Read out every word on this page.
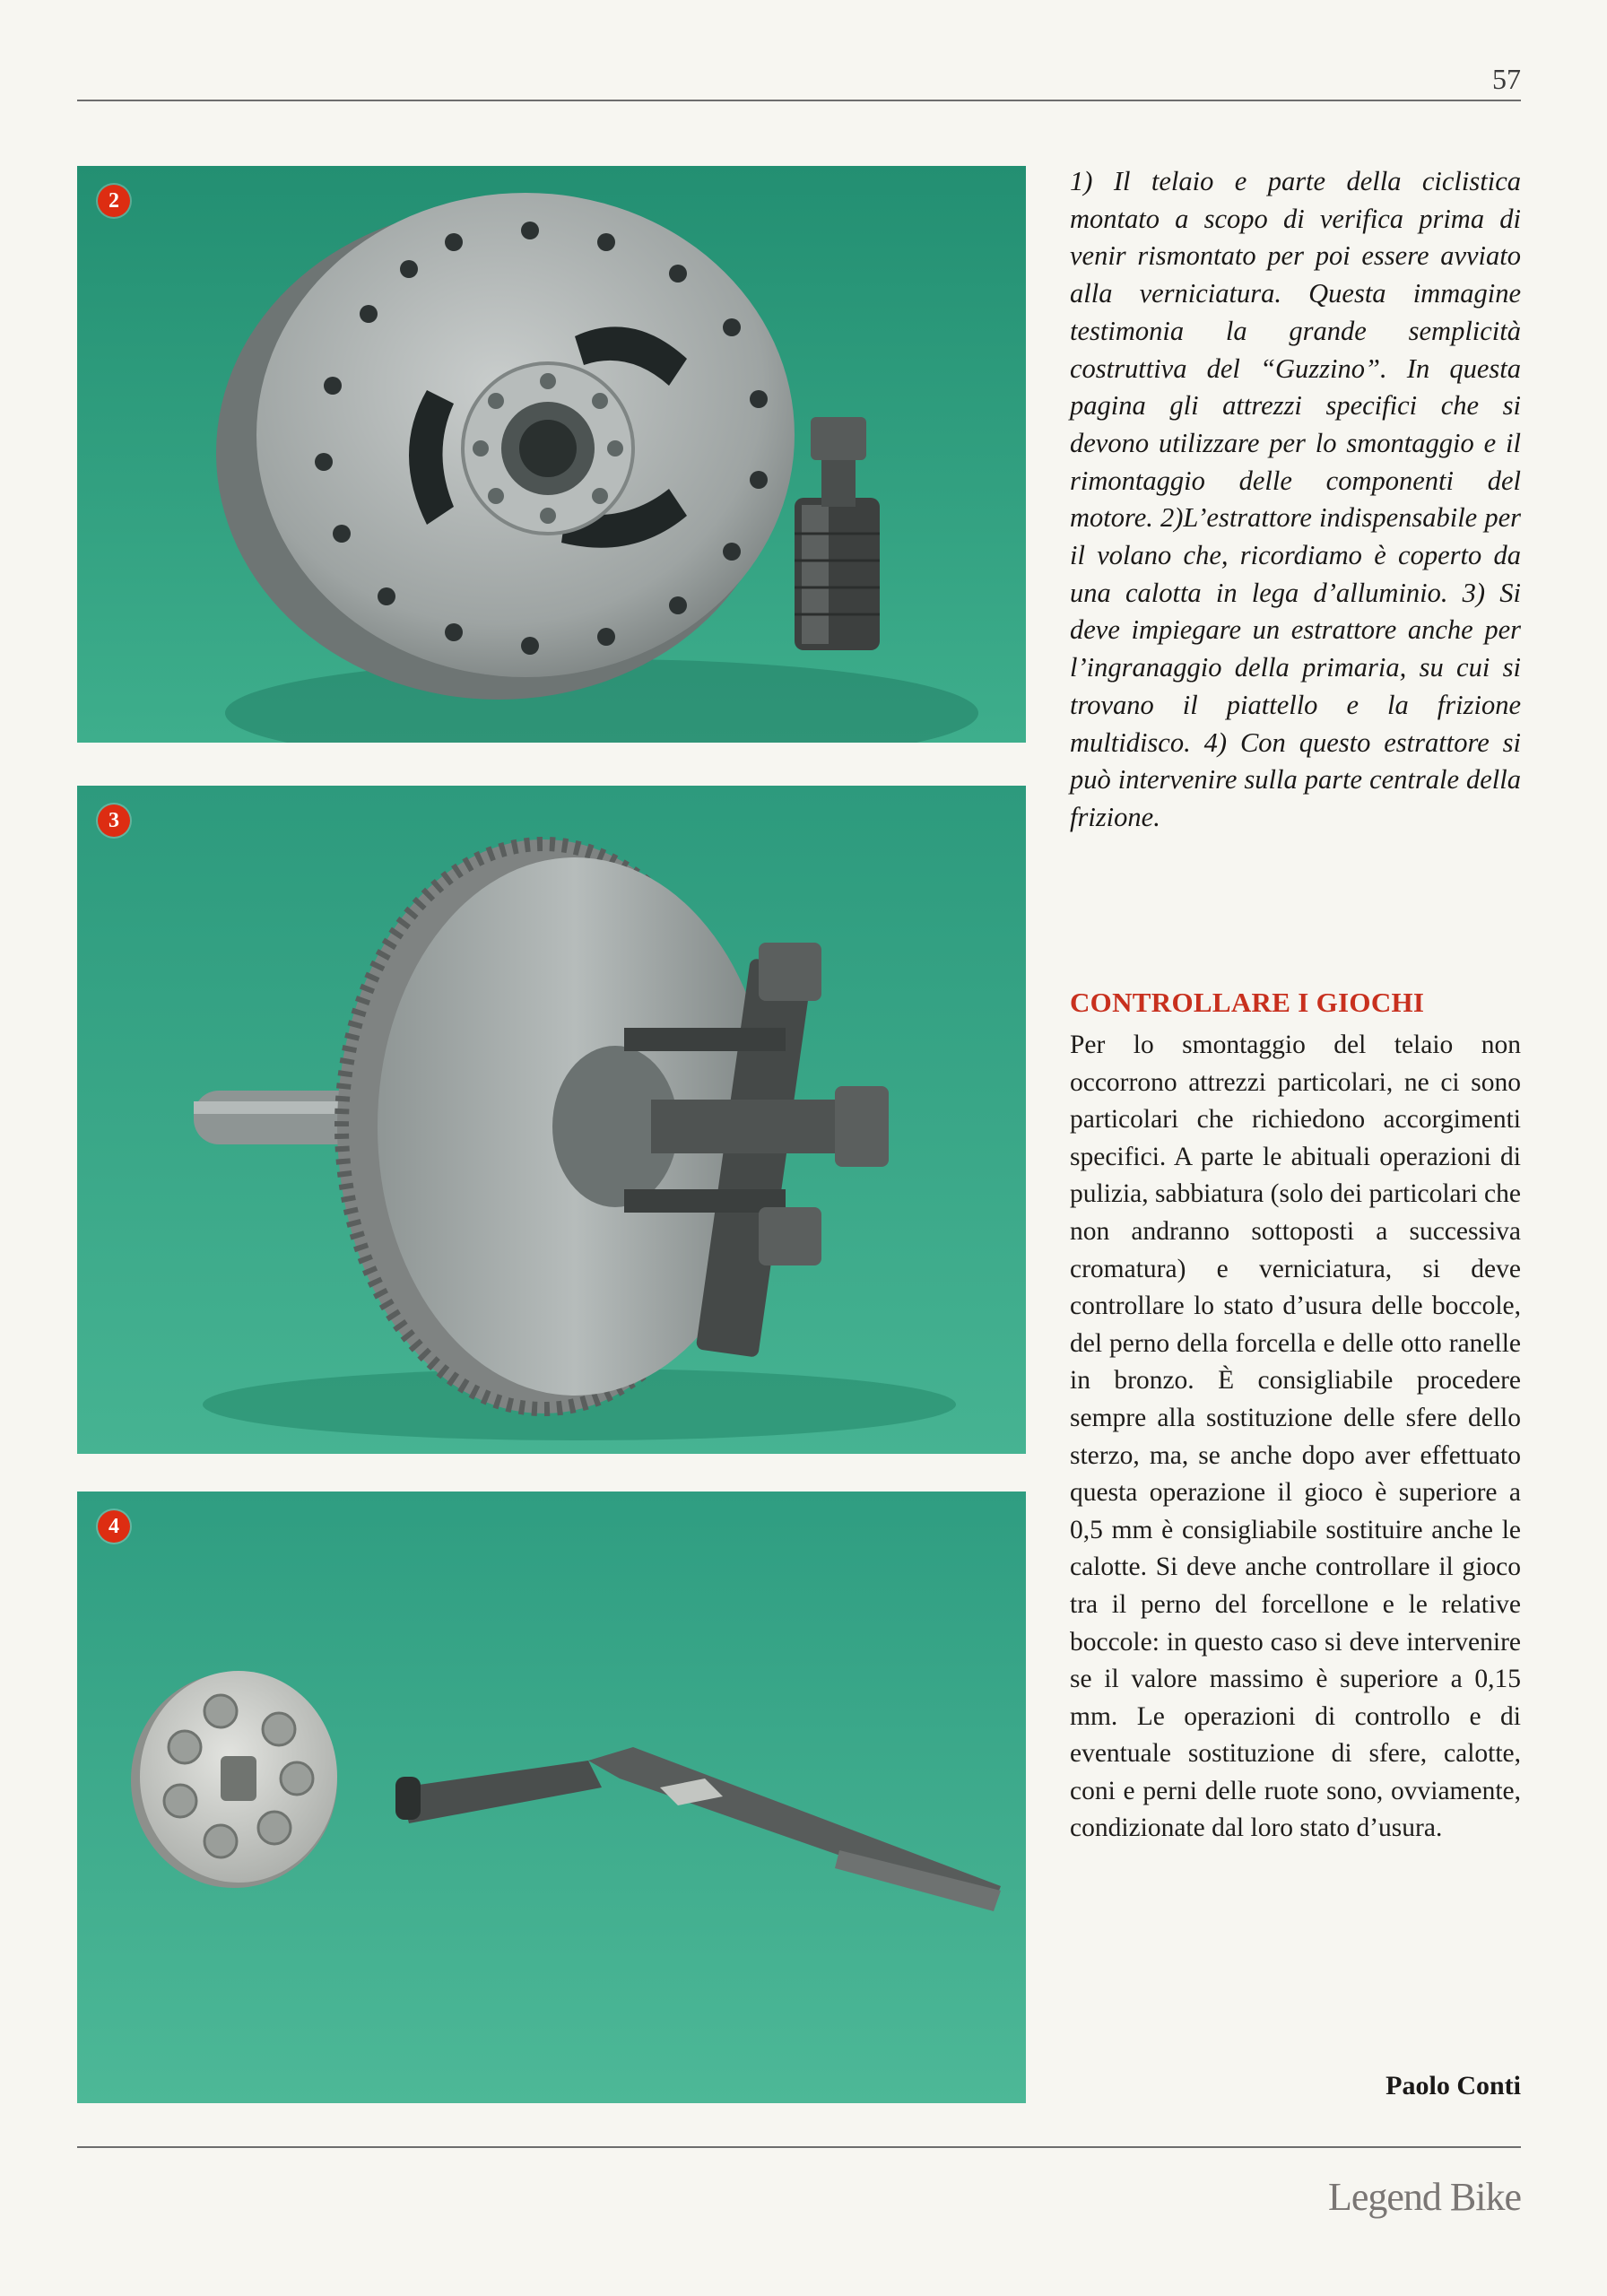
57
2
3
4

1) Il telaio e parte della ciclistica montato a scopo di verifica prima di venir rismontato per poi essere avviato alla verniciatura. Questa immagine testimonia la grande semplicità costruttiva del “Guzzino”. In questa pagina gli attrezzi specifici che si devono utilizzare per lo smontaggio e il rimontaggio delle componenti del motore. 2)L’estrattore indispensabile per il volano che, ricordiamo è coperto da una calotta in lega d’alluminio. 3) Si deve impiegare un estrattore anche per l’ingranaggio della primaria, su cui si trovano il piattello e la frizione multidisco. 4) Con questo estrattore si può intervenire sulla parte centrale della frizione.

CONTROLLARE I GIOCHI

Per lo smontaggio del telaio non occorrono attrezzi particolari, ne ci sono particolari che richiedono accorgimenti specifici. A parte le abituali operazioni di pulizia, sabbiatura (solo dei particolari che non andranno sottoposti a successiva cromatura) e verniciatura, si deve controllare lo stato d’usura delle boccole, del perno della forcella e delle otto ranelle in bronzo. È consigliabile procedere sempre alla sostituzione delle sfere dello sterzo, ma, se anche dopo aver effettuato questa operazione il gioco è superiore a 0,5 mm è consigliabile sostituire anche le calotte. Si deve anche controllare il gioco tra il perno del forcellone e le relative boccole: in questo caso si deve intervenire se il valore massimo è superiore a 0,15 mm. Le operazioni di controllo e di eventuale sostituzione di sfere, calotte, coni e perni delle ruote sono, ovviamente, condizionate dal loro stato d’usura.

Paolo Conti
Legend Bike
